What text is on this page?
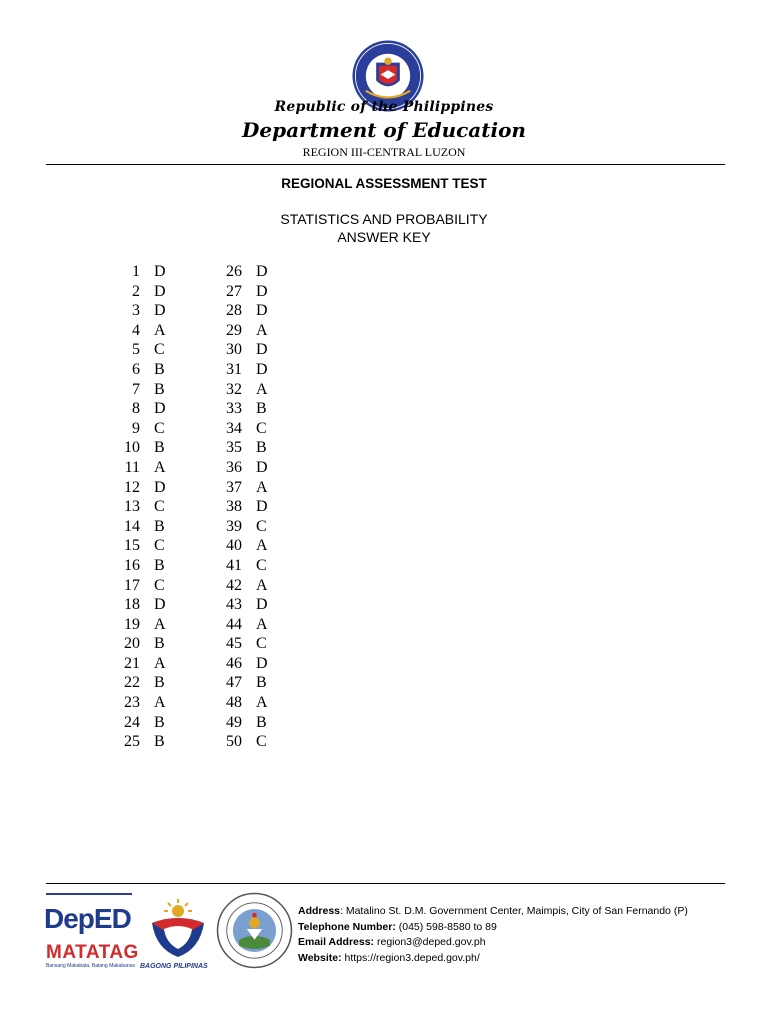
Republic of the Philippines
Department of Education
REGION III-CENTRAL LUZON
REGIONAL ASSESSMENT TEST
STATISTICS AND PROBABILITY
ANSWER KEY
1 D
2 D
3 D
4 A
5 C
6 B
7 B
8 D
9 C
10 B
11 A
12 D
13 C
14 B
15 C
16 B
17 C
18 D
19 A
20 B
21 A
22 B
23 A
24 B
25 B
26 D
27 D
28 D
29 A
30 D
31 D
32 A
33 B
34 C
35 B
36 D
37 A
38 D
39 C
40 A
41 C
42 A
43 D
44 A
45 C
46 D
47 B
48 A
49 B
50 C
DepED
MATATAG
Bansang Makabata, Batang Makabansa BAGONG PILIPINAS
Address: Matalino St. D.M. Government Center, Maimpis, City of San Fernando (P)
Telephone Number: (045) 598-8580 to 89
Email Address: region3@deped.gov.ph
Website: https://region3.deped.gov.ph/
